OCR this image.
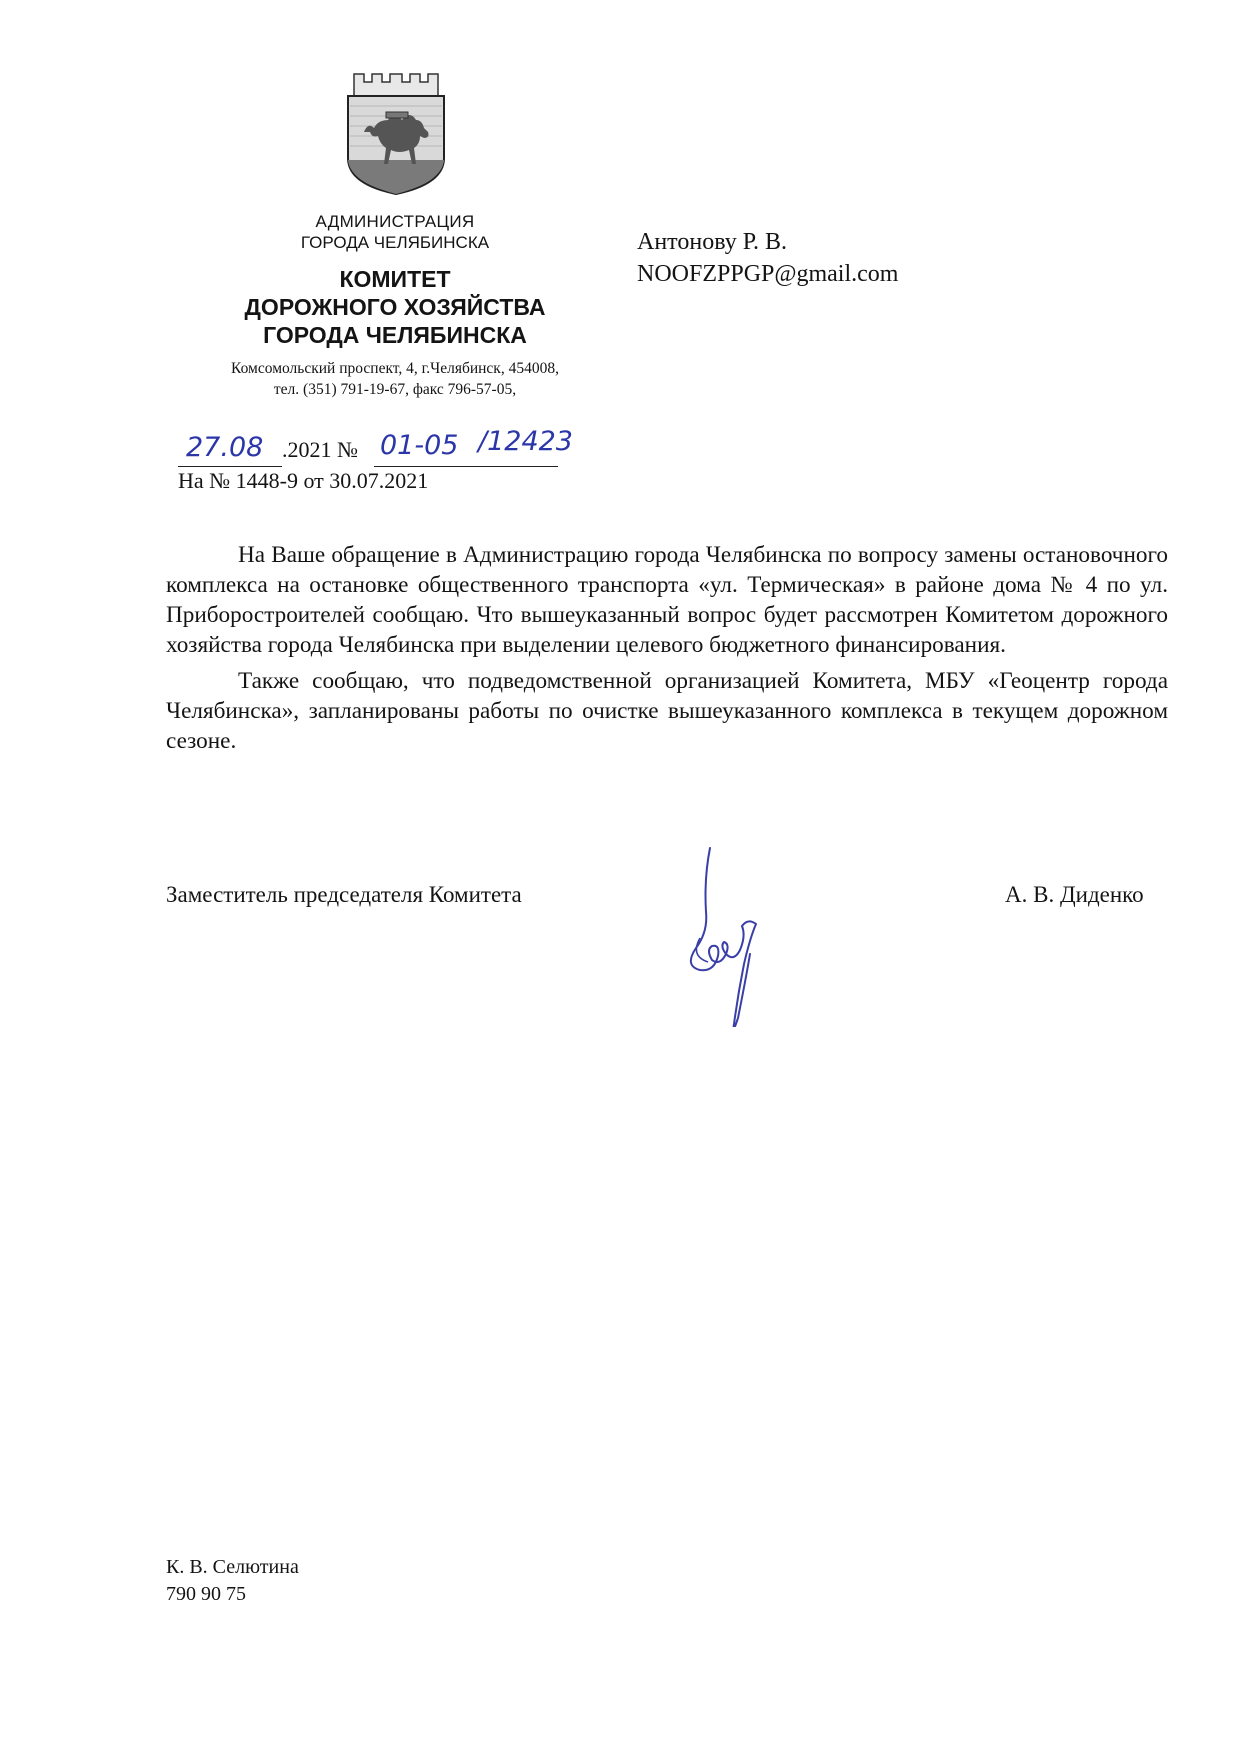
АДМИНИСТРАЦИЯ
ГОРОДА ЧЕЛЯБИНСКА
КОМИТЕТ
ДОРОЖНОГО ХОЗЯЙСТВА
ГОРОДА ЧЕЛЯБИНСКА
Комсомольский проспект, 4, г.Челябинск, 454008,
тел. (351) 791-19-67, факс 796-57-05,
Антонову Р. В.
NOOFZPPGP@gmail.com
27.08 .2021 № 01-05 /12423
На № 1448-9 от 30.07.2021

На Ваше обращение в Администрацию города Челябинска по вопросу замены остановочного комплекса на остановке общественного транспорта «ул. Термическая» в районе дома № 4 по ул. Приборостроителей сообщаю. Что вышеуказанный вопрос будет рассмотрен Комитетом дорожного хозяйства города Челябинска при выделении целевого бюджетного финансирования.

Также сообщаю, что подведомственной организацией Комитета, МБУ «Геоцентр города Челябинска», запланированы работы по очистке вышеуказанного комплекса в текущем дорожном сезоне.

Заместитель председателя Комитета	А. В. Диденко
К. В. Селютина
790 90 75
